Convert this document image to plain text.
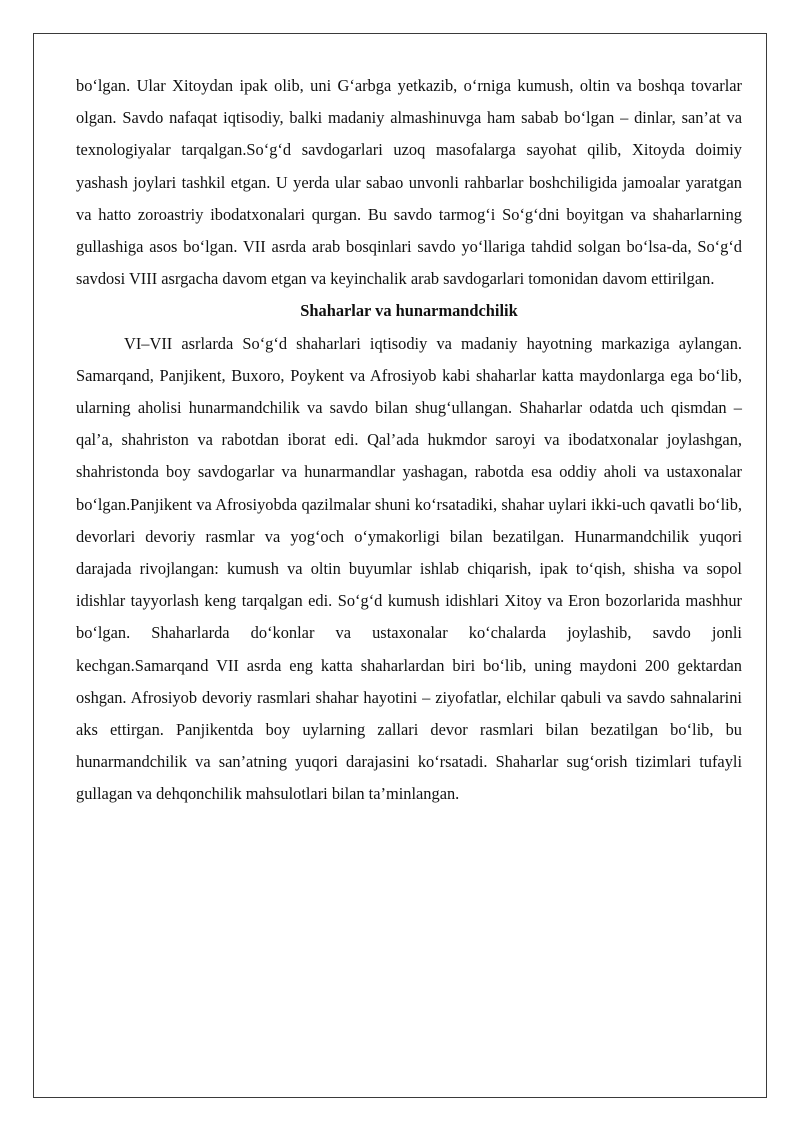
bo‘lgan. Ular Xitoydan ipak olib, uni G‘arbga yetkazib, o‘rniga kumush, oltin va boshqa tovarlar olgan. Savdo nafaqat iqtisodiy, balki madaniy almashinuvga ham sabab bo‘lgan – dinlar, san’at va texnologiyalar tarqalgan.So‘g‘d savdogarlari uzoq masofalarga sayohat qilib, Xitoyda doimiy yashash joylari tashkil etgan. U yerda ular sabao unvonli rahbarlar boshchiligida jamoalar yaratgan va hatto zoroastriy ibodatxonalari qurgan. Bu savdo tarmog‘i So‘g‘dni boyitgan va shaharlarning gullashiga asos bo‘lgan. VII asrda arab bosqinlari savdo yo‘llariga tahdid solgan bo‘lsa-da, So‘g‘d savdosi VIII asrgacha davom etgan va keyinchalik arab savdogarlari tomonidan davom ettirilgan.

Shaharlar va hunarmandchilik

VI–VII asrlarda So‘g‘d shaharlari iqtisodiy va madaniy hayotning markaziga aylangan. Samarqand, Panjikent, Buxoro, Poykent va Afrosiyob kabi shaharlar katta maydonlarga ega bo‘lib, ularning aholisi hunarmandchilik va savdo bilan shug‘ullangan. Shaharlar odatda uch qismdan – qal’a, shahriston va rabotdan iborat edi. Qal’ada hukmdor saroyi va ibodatxonalar joylashgan, shahristonda boy savdogarlar va hunarmandlar yashagan, rabotda esa oddiy aholi va ustaxonalar bo‘lgan.Panjikent va Afrosiyobda qazilmalar shuni ko‘rsatadiki, shahar uylari ikki-uch qavatli bo‘lib, devorlari devoriy rasmlar va yog‘och o‘ymakorligi bilan bezatilgan. Hunarmandchilik yuqori darajada rivojlangan: kumush va oltin buyumlar ishlab chiqarish, ipak to‘qish, shisha va sopol idishlar tayyorlash keng tarqalgan edi. So‘g‘d kumush idishlari Xitoy va Eron bozorlarida mashhur bo‘lgan. Shaharlarda do‘konlar va ustaxonalar ko‘chalarda joylashib, savdo jonli kechgan.Samarqand VII asrda eng katta shaharlardan biri bo‘lib, uning maydoni 200 gektardan oshgan. Afrosiyob devoriy rasmlari shahar hayotini – ziyofatlar, elchilar qabuli va savdo sahnalarini aks ettirgan. Panjikentda boy uylarning zallari devor rasmlari bilan bezatilgan bo‘lib, bu hunarmandchilik va san’atning yuqori darajasini ko‘rsatadi. Shaharlar sug‘orish tizimlari tufayli gullagan va dehqonchilik mahsulotlari bilan ta’minlangan.
